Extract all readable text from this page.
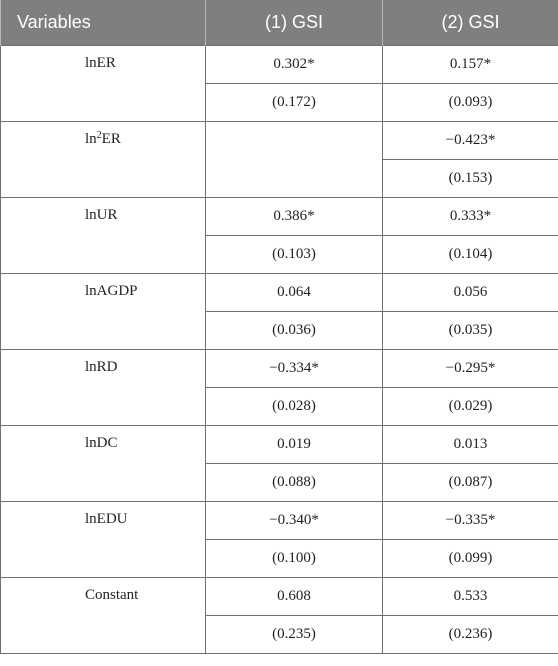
Variables	(1) GSI	(2) GSI
lnER	0.302*	0.157*
	(0.172)	(0.093)
$\ln^2ER$		−0.423*
		(0.153)
lnUR	0.386*	0.333*
	(0.103)	(0.104)
lnAGDP	0.064	0.056
	(0.036)	(0.035)
lnRD	−0.334*	−0.295*
	(0.028)	(0.029)
lnDC	0.019	0.013
	(0.088)	(0.087)
lnEDU	−0.340*	−0.335*
	(0.100)	(0.099)
Constant	0.608	0.533
	(0.235)	(0.236)
